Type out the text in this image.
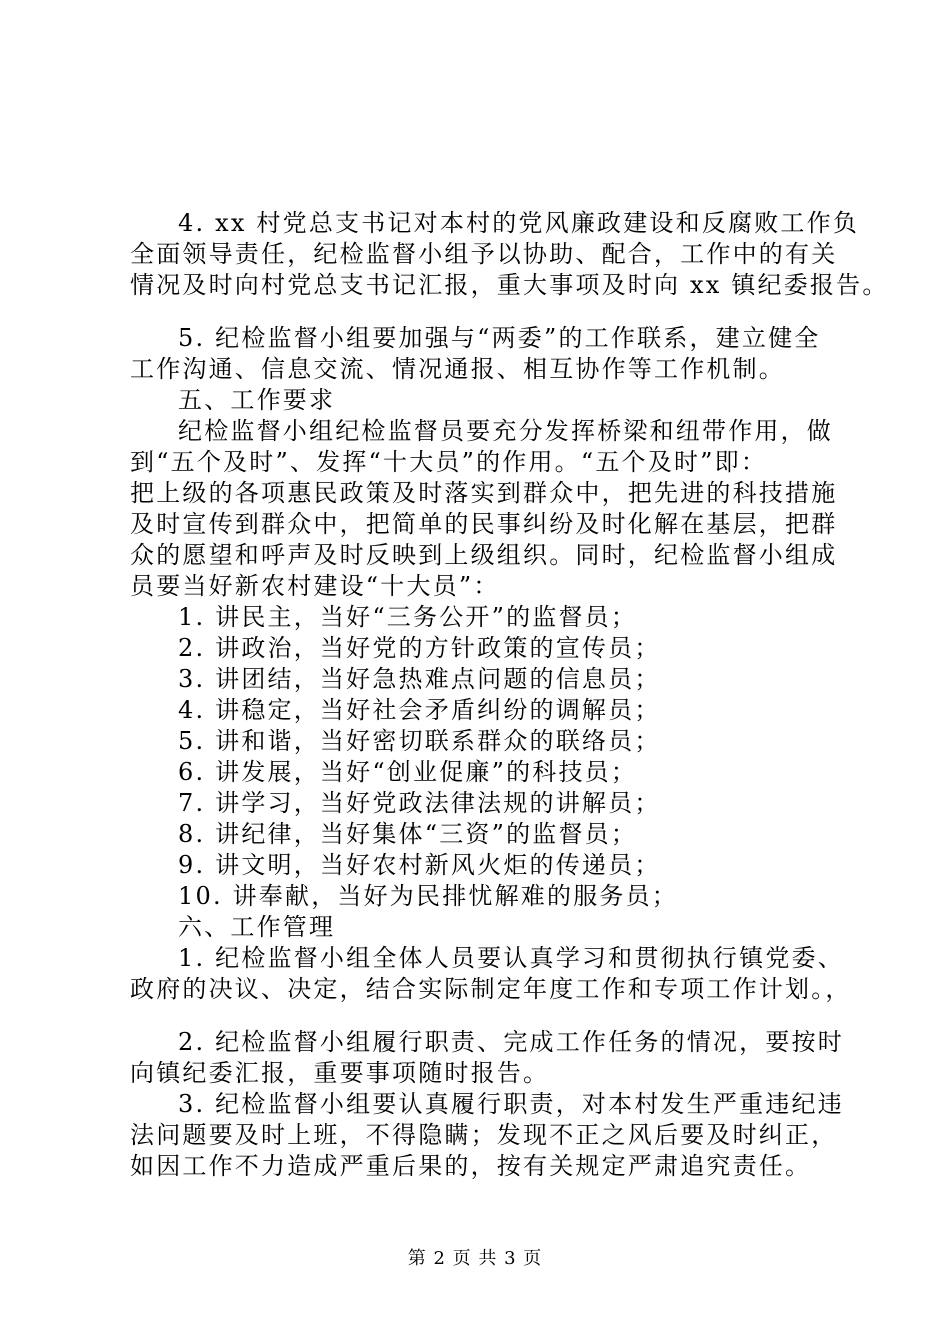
4. xx 村党总支书记对本村的党风廉政建设和反腐败工作负
全面领导责任，纪检监督小组予以协助、配合，工作中的有关
情况及时向村党总支书记汇报，重大事项及时向 xx 镇纪委报告。
5. 纪检监督小组要加强与“两委”的工作联系，建立健全
工作沟通、信息交流、情况通报、相互协作等工作机制。
五、工作要求
纪检监督小组纪检监督员要充分发挥桥梁和纽带作用，做
到“五个及时”、发挥“十大员”的作用。“五个及时”即：
把上级的各项惠民政策及时落实到群众中，把先进的科技措施
及时宣传到群众中，把简单的民事纠纷及时化解在基层，把群
众的愿望和呼声及时反映到上级组织。同时，纪检监督小组成
员要当好新农村建设“十大员”：
1. 讲民主，当好“三务公开”的监督员；
2. 讲政治，当好党的方针政策的宣传员；
3. 讲团结，当好急热难点问题的信息员；
4. 讲稳定，当好社会矛盾纠纷的调解员；
5. 讲和谐，当好密切联系群众的联络员；
6. 讲发展，当好“创业促廉”的科技员；
7. 讲学习，当好党政法律法规的讲解员；
8. 讲纪律，当好集体“三资”的监督员；
9. 讲文明，当好农村新风火炬的传递员；
10. 讲奉献，当好为民排忧解难的服务员；
六、工作管理
1. 纪检监督小组全体人员要认真学习和贯彻执行镇党委、
政府的决议、决定，结合实际制定年度工作和专项工作计划。，
2. 纪检监督小组履行职责、完成工作任务的情况，要按时
向镇纪委汇报，重要事项随时报告。
3. 纪检监督小组要认真履行职责，对本村发生严重违纪违
法问题要及时上班，不得隐瞒；发现不正之风后要及时纠正，
如因工作不力造成严重后果的，按有关规定严肃追究责任。
第 2 页 共 3 页
